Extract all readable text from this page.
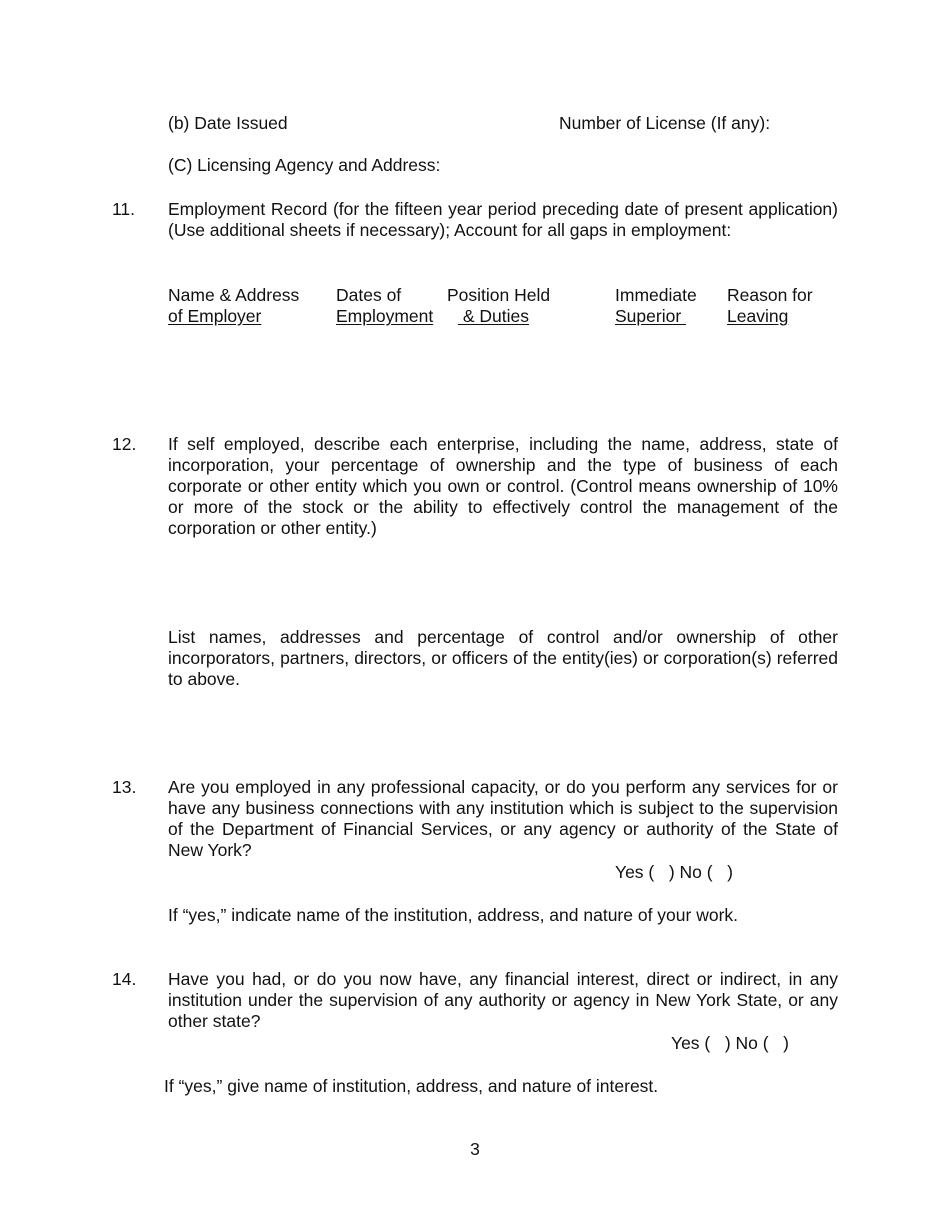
(b) Date Issued	Number of License (If any):
(C) Licensing Agency and Address:
11. Employment Record (for the fifteen year period preceding date of present application) (Use additional sheets if necessary); Account for all gaps in employment:
Name & Address
of Employer
Dates of
Employment
Position Held
& Duties
Immediate
Superior
Reason for
Leaving
12. If self employed, describe each enterprise, including the name, address, state of incorporation, your percentage of ownership and the type of business of each corporate or other entity which you own or control. (Control means ownership of 10% or more of the stock or the ability to effectively control the management of the corporation or other entity.)
List names, addresses and percentage of control and/or ownership of other incorporators, partners, directors, or officers of the entity(ies) or corporation(s) referred to above.
13. Are you employed in any professional capacity, or do you perform any services for or have any business connections with any institution which is subject to the supervision of the Department of Financial Services, or any agency or authority of the State of New York?
Yes (   ) No (   )
If “yes,” indicate name of the institution, address, and nature of your work.
14. Have you had, or do you now have, any financial interest, direct or indirect, in any institution under the supervision of any authority or agency in New York State, or any other state?
Yes (   ) No (   )
If “yes,” give name of institution, address, and nature of interest.
3
